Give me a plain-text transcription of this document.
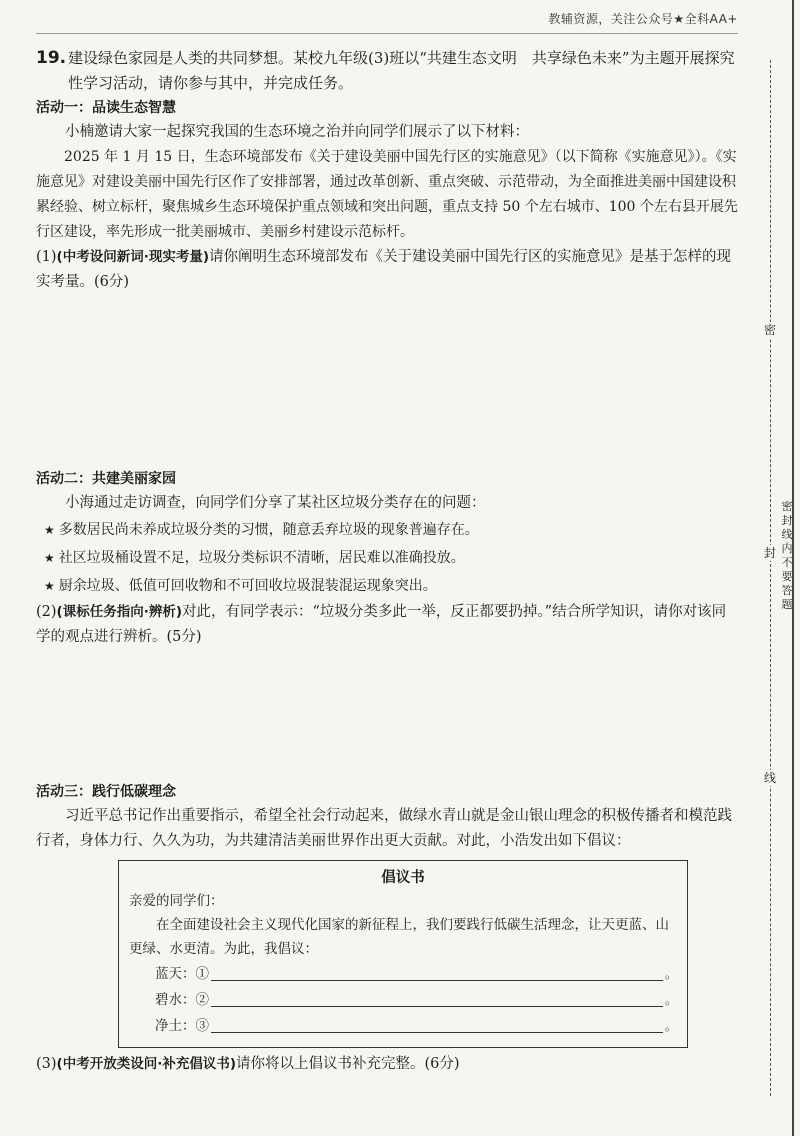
教辅资源，关注公众号★全科AA+
19. 建设绿色家园是人类的共同梦想。某校九年级(3)班以“共建生态文明　共享绿色未来”为主题开展探究性学习活动，请你参与其中，并完成任务。
活动一：品读生态智慧

小楠邀请大家一起探究我国的生态环境之治并向同学们展示了以下材料：

2025 年 1 月 15 日，生态环境部发布《关于建设美丽中国先行区的实施意见》（以下简称《实施意见》）。《实施意见》对建设美丽中国先行区作了安排部署，通过改革创新、重点突破、示范带动，为全面推进美丽中国建设积累经验、树立标杆，聚焦城乡生态环境保护重点领域和突出问题，重点支持 50 个左右城市、100 个左右县开展先行区建设，率先形成一批美丽城市、美丽乡村建设示范标杆。

(1)(中考设问新词·现实考量)请你阐明生态环境部发布《关于建设美丽中国先行区的实施意见》是基于怎样的现实考量。(6分)

活动二：共建美丽家园

小海通过走访调查，向同学们分享了某社区垃圾分类存在的问题：

★ 多数居民尚未养成垃圾分类的习惯，随意丢弃垃圾的现象普遍存在。
★ 社区垃圾桶设置不足，垃圾分类标识不清晰，居民难以准确投放。
★ 厨余垃圾、低值可回收物和不可回收垃圾混装混运现象突出。

(2)(课标任务指向·辨析)对此，有同学表示：“垃圾分类多此一举，反正都要扔掉。”结合所学知识，请你对该同学的观点进行辨析。(5分)

活动三：践行低碳理念

习近平总书记作出重要指示，希望全社会行动起来，做绿水青山就是金山银山理念的积极传播者和模范践行者，身体力行、久久为功，为共建清洁美丽世界作出更大贡献。对此，小浩发出如下倡议：

倡议书
亲爱的同学们：
在全面建设社会主义现代化国家的新征程上，我们要践行低碳生活理念，让天更蓝、山更绿、水更清。为此，我倡议：
蓝天：①	。
碧水：②	。
净土：③	。

(3)(中考开放类设问·补充倡议书)请你将以上倡议书补充完整。(6分)

密
封
线
密封线内不要答题
